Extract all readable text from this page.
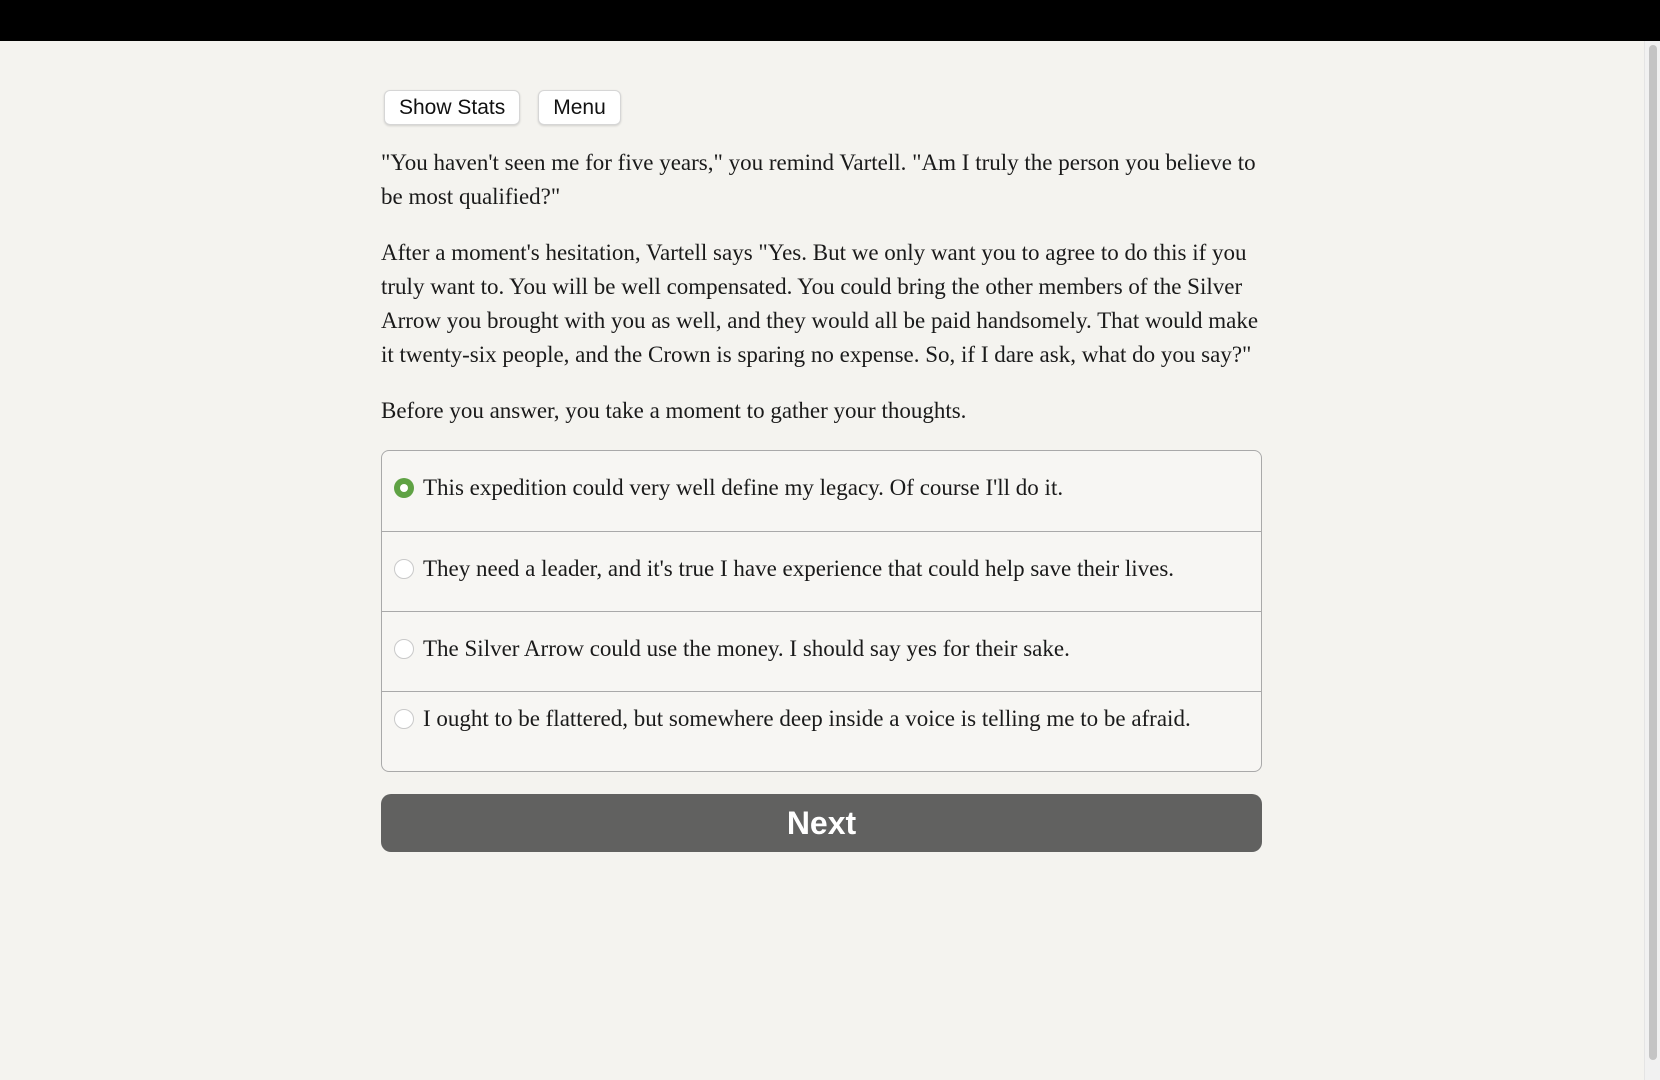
Show Stats	Menu

"You haven't seen me for five years," you remind Vartell. "Am I truly the person you believe to be most qualified?"

After a moment's hesitation, Vartell says "Yes. But we only want you to agree to do this if you truly want to. You will be well compensated. You could bring the other members of the Silver Arrow you brought with you as well, and they would all be paid handsomely. That would make it twenty-six people, and the Crown is sparing no expense. So, if I dare ask, what do you say?"

Before you answer, you take a moment to gather your thoughts.

This expedition could very well define my legacy. Of course I'll do it.
They need a leader, and it's true I have experience that could help save their lives.
The Silver Arrow could use the money. I should say yes for their sake.
I ought to be flattered, but somewhere deep inside a voice is telling me to be afraid.
Next
